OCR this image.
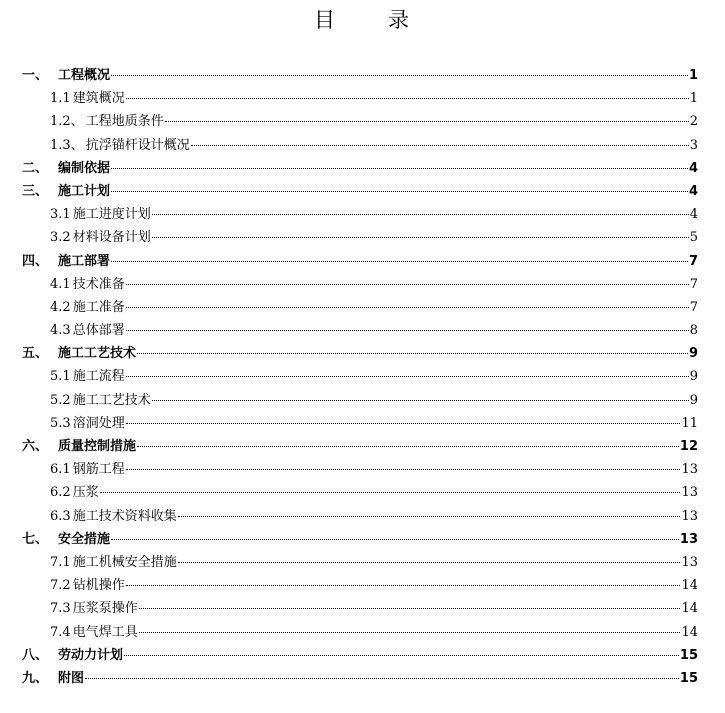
目　录
一、 工程概况	1
1.1 建筑概况	1
1.2、 工程地质条件	2
1.3、 抗浮锚杆设计概况	3
二、 编制依据	4
三、 施工计划	4
3.1 施工进度计划	4
3.2 材料设备计划	5
四、 施工部署	7
4.1 技术准备	7
4.2 施工准备	7
4.3 总体部署	8
五、 施工工艺技术	9
5.1 施工流程	9
5.2 施工工艺技术	9
5.3 溶洞处理	11
六、 质量控制措施	12
6.1 钢筋工程	13
6.2 压浆	13
6.3 施工技术资料收集	13
七、 安全措施	13
7.1 施工机械安全措施	13
7.2 钻机操作	14
7.3 压浆泵操作	14
7.4 电气焊工具	14
八、 劳动力计划	15
九、 附图	15
